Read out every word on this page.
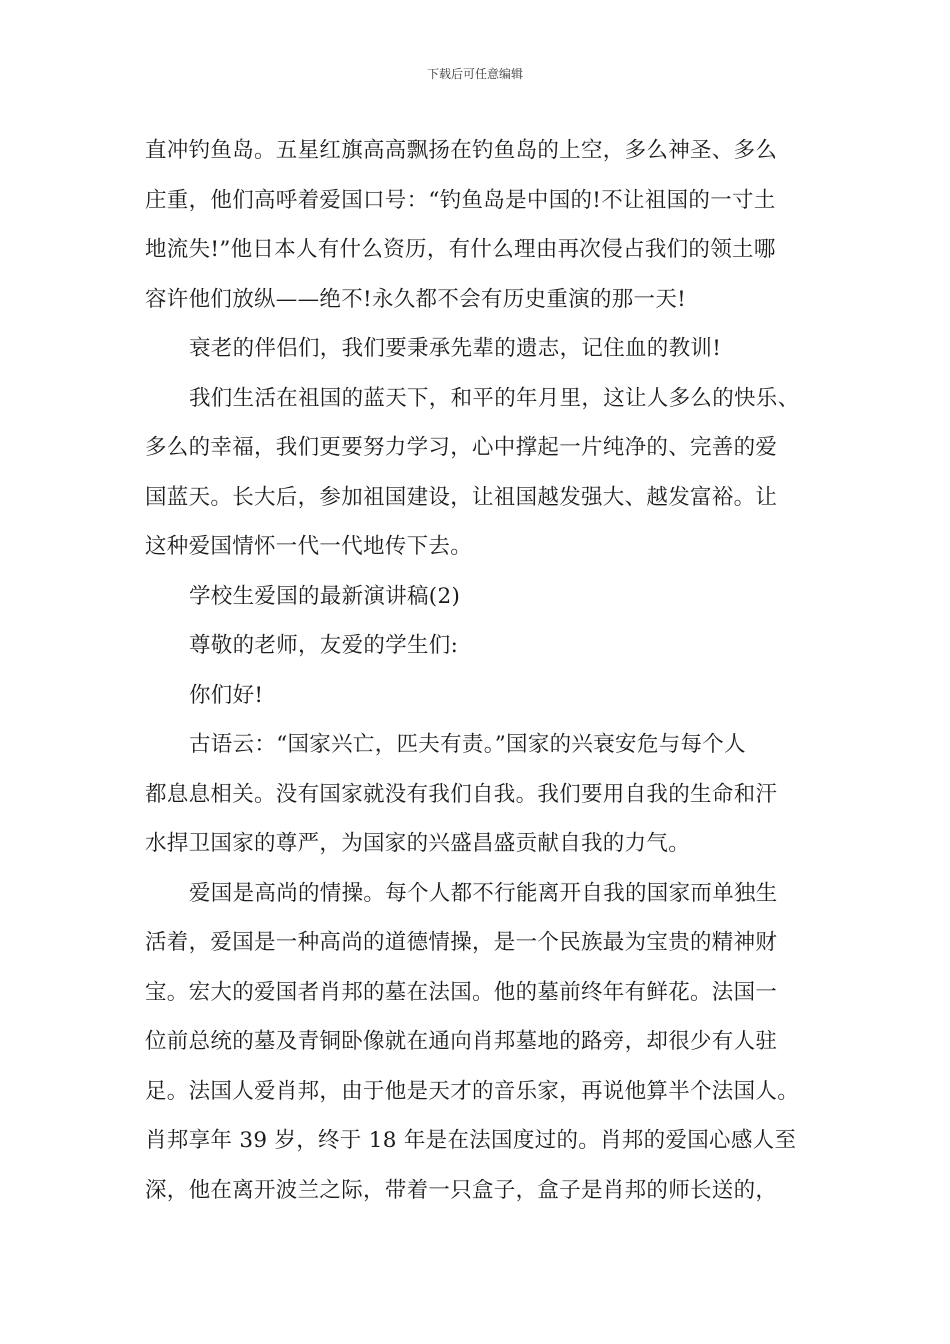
下载后可任意编辑
直冲钓鱼岛。五星红旗高高飘扬在钓鱼岛的上空，多么神圣、多么
庄重，他们高呼着爱国口号：“钓鱼岛是中国的!不让祖国的一寸土
地流失!”他日本人有什么资历，有什么理由再次侵占我们的领土哪
容许他们放纵——绝不!永久都不会有历史重演的那一天!
衰老的伴侣们，我们要秉承先辈的遗志，记住血的教训!
我们生活在祖国的蓝天下，和平的年月里，这让人多么的快乐、
多么的幸福，我们更要努力学习，心中撑起一片纯净的、完善的爱
国蓝天。长大后，参加祖国建设，让祖国越发强大、越发富裕。让
这种爱国情怀一代一代地传下去。
学校生爱国的最新演讲稿(2)
尊敬的老师，友爱的学生们:
你们好!
古语云：“国家兴亡，匹夫有责。”国家的兴衰安危与每个人
都息息相关。没有国家就没有我们自我。我们要用自我的生命和汗
水捍卫国家的尊严，为国家的兴盛昌盛贡献自我的力气。
爱国是高尚的情操。每个人都不行能离开自我的国家而单独生
活着，爱国是一种高尚的道德情操，是一个民族最为宝贵的精神财
宝。宏大的爱国者肖邦的墓在法国。他的墓前终年有鲜花。法国一
位前总统的墓及青铜卧像就在通向肖邦墓地的路旁，却很少有人驻
足。法国人爱肖邦，由于他是天才的音乐家，再说他算半个法国人。
肖邦享年 39 岁，终于 18 年是在法国度过的。肖邦的爱国心感人至
深，他在离开波兰之际，带着一只盒子，盒子是肖邦的师长送的，
